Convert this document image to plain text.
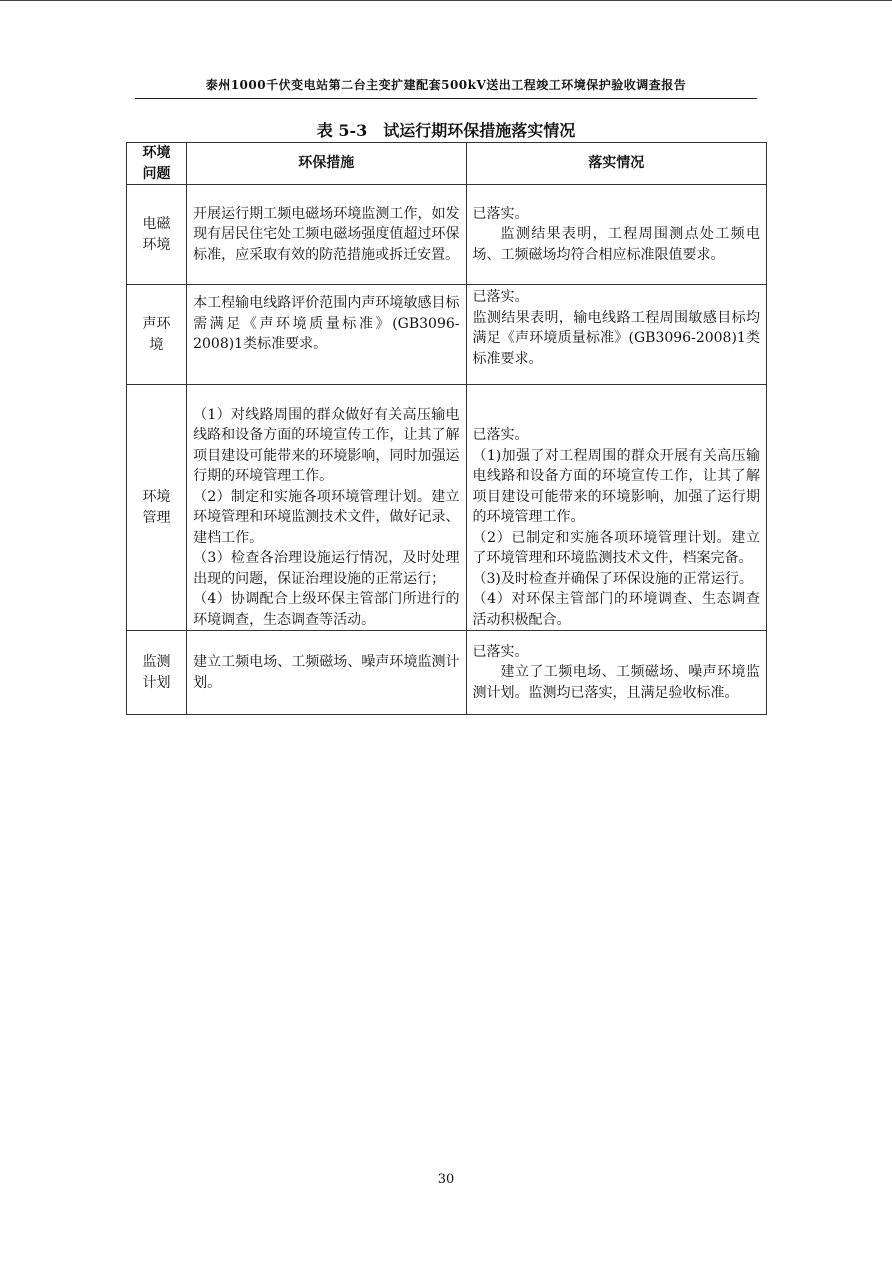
泰州1000千伏变电站第二台主变扩建配套500kV送出工程竣工环境保护验收调查报告
表 5-3　试运行期环保措施落实情况
环境问题	环保措施	落实情况
电磁环境	开展运行期工频电磁场环境监测工作，如发现有居民住宅处工频电磁场强度值超过环保标准，应采取有效的防范措施或拆迁安置。	已落实。
监测结果表明，工程周围测点处工频电场、工频磁场均符合相应标准限值要求。

声环境	本工程输电线路评价范围内声环境敏感目标需满足《声环境质量标准》(GB3096-2008)1类标准要求。	已落实。
监测结果表明，输电线路工程周围敏感目标均满足《声环境质量标准》(GB3096-2008)1类标准要求。

环境管理	（1）对线路周围的群众做好有关高压输电线路和设备方面的环境宣传工作，让其了解项目建设可能带来的环境影响，同时加强运行期的环境管理工作。
（2）制定和实施各项环境管理计划。建立环境管理和环境监测技术文件，做好记录、建档工作。
（3）检查各治理设施运行情况，及时处理出现的问题，保证治理设施的正常运行；
（4）协调配合上级环保主管部门所进行的环境调查，生态调查等活动。	已落实。
（1)加强了对工程周围的群众开展有关高压输电线路和设备方面的环境宣传工作，让其了解项目建设可能带来的环境影响，加强了运行期的环境管理工作。
（2）已制定和实施各项环境管理计划。建立了环境管理和环境监测技术文件，档案完备。
（3)及时检查并确保了环保设施的正常运行。
（4）对环保主管部门的环境调查、生态调查活动积极配合。

监测计划	建立工频电场、工频磁场、噪声环境监测计划。	已落实。
建立了工频电场、工频磁场、噪声环境监测计划。监测均已落实，且满足验收标准。
30
